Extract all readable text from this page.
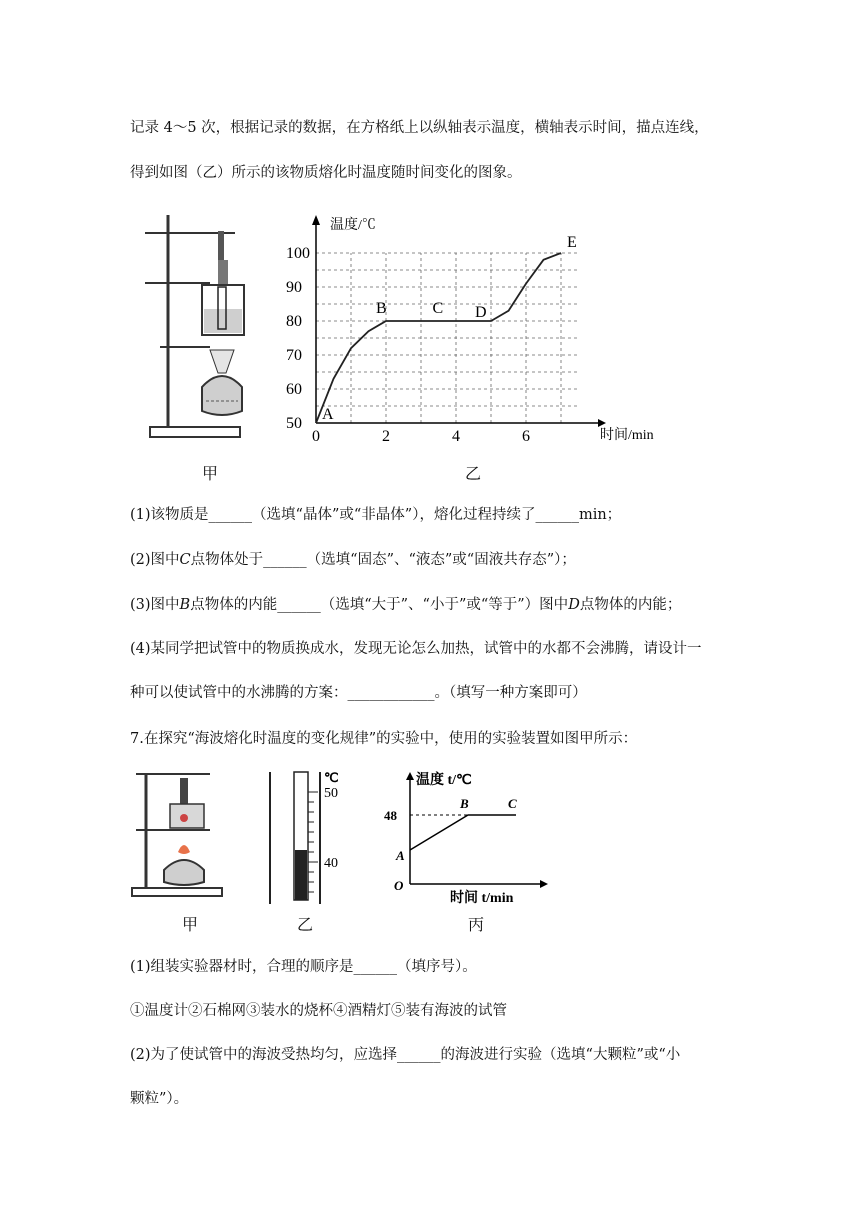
记录 4～5 次，根据记录的数据，在方格纸上以纵轴表示温度，横轴表示时间，描点连线，
得到如图（乙）所示的该物质熔化时温度随时间变化的图象。
甲
温度/℃
时间/min
50
60
70
80
90
100
0	2	4	6
A
B	C D
E
乙
(1)该物质是______（选填“晶体”或“非晶体”），熔化过程持续了______min；
(2)图中C点物体处于______（选填“固态”、“液态”或“固液共存态”）；
(3)图中B点物体的内能______（选填“大于”、“小于”或“等于”）图中D点物体的内能；
(4)某同学把试管中的物质换成水，发现无论怎么加热，试管中的水都不会沸腾，请设计一
种可以使试管中的水沸腾的方案：____________。（填写一种方案即可）
7.在探究“海波熔化时温度的变化规律”的实验中，使用的实验装置如图甲所示：
甲
℃
50
40
乙
温度 t/℃
时间 t/min
O
48
A
B	C
丙
(1)组装实验器材时，合理的顺序是______（填序号）。
①温度计②石棉网③装水的烧杯④酒精灯⑤装有海波的试管
(2)为了使试管中的海波受热均匀，应选择______的海波进行实验（选填“大颗粒”或“小
颗粒”）。
